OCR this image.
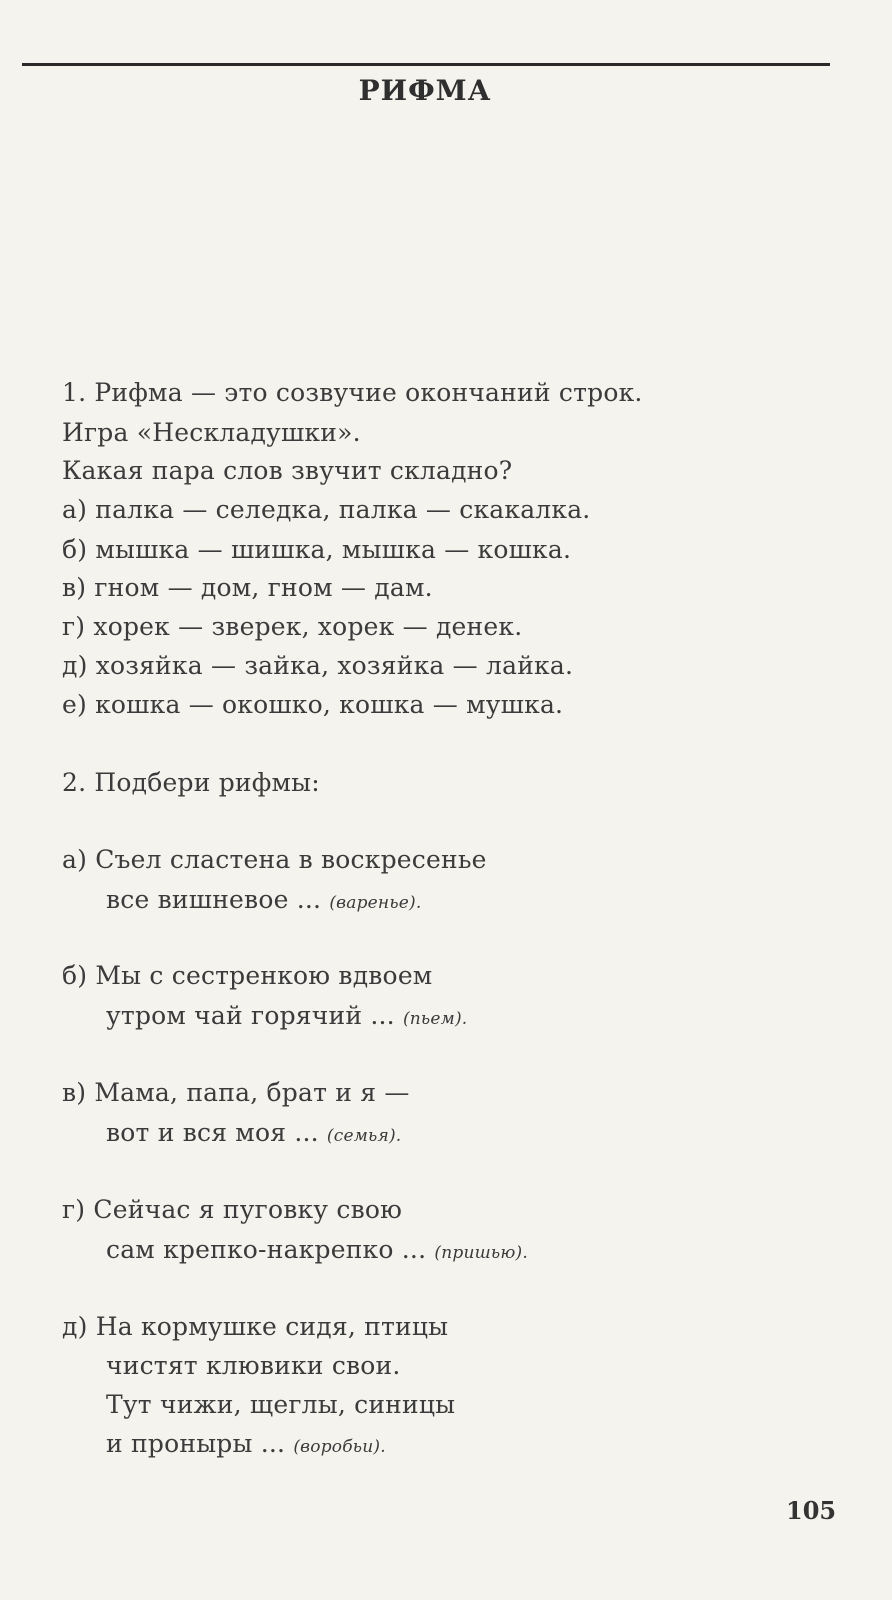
РИФМА
1. Рифма — это созвучие окончаний строк.
Игра «Нескладушки».
Какая пара слов звучит складно?
а) палка — селедка, палка — скакалка.
б) мышка — шишка, мышка — кошка.
в) гном — дом, гном — дам.
г) хорек — зверек, хорек — денек.
д) хозяйка — зайка, хозяйка — лайка.
е) кошка — окошко, кошка — мушка.
2. Подбери рифмы:
а) Съел сластена в воскресенье
все вишневое ... (варенье).
б) Мы с сестренкою вдвоем
утром чай горячий ... (пьем).
в) Мама, папа, брат и я —
вот и вся моя ... (семья).
г) Сейчас я пуговку свою
сам крепко-накрепко ... (пришью).
д) На кормушке сидя, птицы
чистят клювики свои.
Тут чижи, щеглы, синицы
и проныры ... (воробьи).
105
